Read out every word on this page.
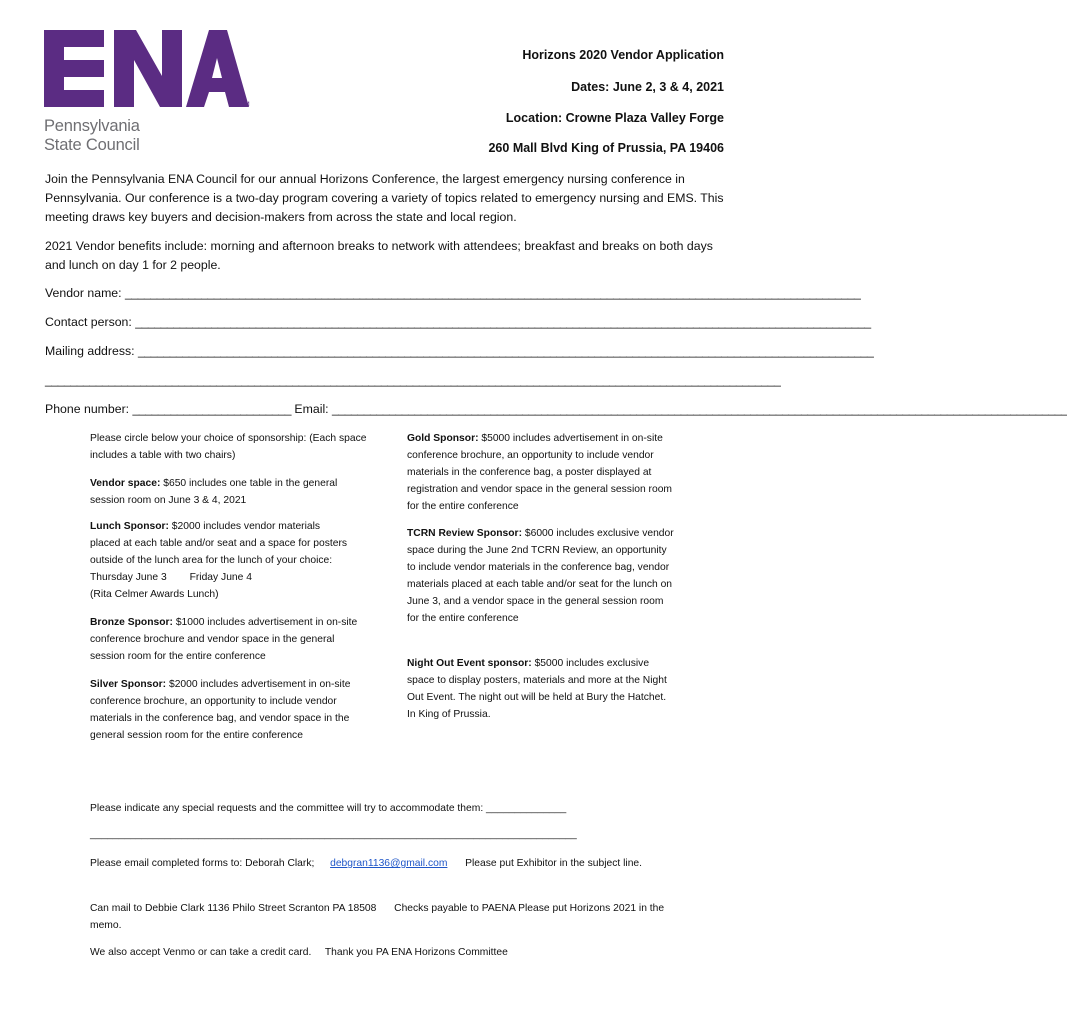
TM
Pennsylvania
State Council
Horizons 2020 Vendor Application
Dates: June 2, 3 & 4, 2021
Location: Crowne Plaza Valley Forge
260 Mall Blvd King of Prussia, PA 19406
Join the Pennsylvania ENA Council for our annual Horizons Conference, the largest emergency nursing conference in Pennsylvania. Our conference is a two-day program covering a variety of topics related to emergency nursing and EMS. This meeting draws key buyers and decision-makers from across the state and local region.
2021 Vendor benefits include: morning and afternoon breaks to network with attendees; breakfast and breaks on both days and lunch on day 1 for 2 people.
Vendor name: ____________________________________________________________________________________________________________________
Contact person: ____________________________________________________________________________________________________________________
Mailing address: ____________________________________________________________________________________________________________________
____________________________________________________________________________________________________________________
Phone number: _________________________ Email: ____________________________________________________________________________________________________________________
Please circle below your choice of sponsorship: (Each space includes a table with two chairs)
Vendor space: $650 includes one table in the general session room on June 3 & 4, 2021
Lunch Sponsor: $2000 includes vendor materials placed at each table and/or seat and a space for posters outside of the lunch area for the lunch of your choice: Thursday June 3 Friday June 4
(Rita Celmer Awards Lunch)
Bronze Sponsor: $1000 includes advertisement in on-site conference brochure and vendor space in the general session room for the entire conference
Silver Sponsor: $2000 includes advertisement in on-site conference brochure, an opportunity to include vendor materials in the conference bag, and vendor space in the general session room for the entire conference
Gold Sponsor: $5000 includes advertisement in on-site conference brochure, an opportunity to include vendor materials in the conference bag, a poster displayed at registration and vendor space in the general session room for the entire conference
TCRN Review Sponsor: $6000 includes exclusive vendor space during the June 2nd TCRN Review, an opportunity to include vendor materials in the conference bag, vendor materials placed at each table and/or seat for the lunch on June 3, and a vendor space in the general session room for the entire conference
Night Out Event sponsor: $5000 includes exclusive space to display posters, materials and more at the Night Out Event. The night out will be held at Bury the Hatchet. In King of Prussia.
Please indicate any special requests and the committee will try to accommodate them: ______________
_____________________________________________________________________________________
Please email completed forms to: Deborah Clark; debgran1136@gmail.com Please put Exhibitor in the subject line.
Can mail to Debbie Clark 1136 Philo Street Scranton PA 18508 Checks payable to PAENA Please put Horizons 2021 in the memo.
We also accept Venmo or can take a credit card. Thank you PA ENA Horizons Committee
